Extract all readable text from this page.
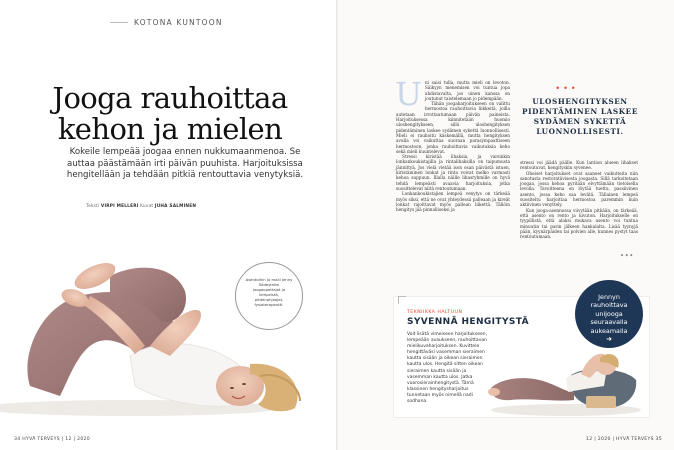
KOTONA KUNTOON
Jooga rauhoittaa
kehon ja mielen

Kokeile lempeää joogaa ennen nukkumaanmenoa. Se auttaa päästämään irti päivän puuhista. Harjoituksissa hengitellään ja tehdään pitkiä rentouttavia venytyksiä.

Teksti VIRPI MELLERI Kuvat JUHA SALMINEN
Asentoihin jo malli Jenny Södeström joogaopettajat ja lempeistä, pitdenahjaajat, fysioterapeutti.
34 HYVÄ TERVEYS | 12 | 2020
U ni saisi tulla, mutta mieli on levoton. Säikyyn menemisen voi tuntua jopa ahdistavalta, jos uinen kanssa on joutunut taistelemaan jo pidempään.

Tähän joogaharjoitukseen on valittu hermostoa rauhoittavia liikkeitä, joilla autetaan irrottautumaan päivän paineista. Harjoituksessa kiinnitetään huomio uloshengitykseen, sillä uloshengityksen pidentäminen laskee sydämen sykettä luonnollisesti. Mieli ei rauhoitu käskemällä, mutta hengityksen avulla voi vaikuttaa suoraan parasympaattiseen hermostoon, jonka rauhoittavia vaikutuksia keho sekä mieli kuuntelevat.

Stressi kiristää lihaksia, ja varsinkin lonkankoukistajilla ja rintalihaksilla on taipumusta jännittyä. Jos vielä vietää ison osan päivästä istuen, kiristäminen lonkat ja rinta voivat melko varmasti kehoa suppuun. Illalla näille lihasryhmille on hyvä tehdä lempeästi avaavia harjoituksia, jotka suosittelevat niitä rentoutumaan.

Lonkankoukistajien lempeä venytys on tärkeää myös siksi, että ne ovat yhteydessä palleaan ja kireät lonkat rajoittavat myös pallean liikettä. Tällöin hengitys jää pinnalliseksi ja

•••
ULOSHENGITYKSEN PIDENTÄMINEN LASKEE SYDÄMEN SYKETTÄ LUONNOLLISESTI.

stressi voi jäädä päälle. Kun lantion alueen lihakset rentoutuvat, hengityskin syvenee.

Oheiset harjoitukset ovat saaneet vaikutteita niin sanotusta restoratiivisesta joogasta. Sillä tarkoitetaan joogaa, jossa kehoa pyritään elvyttämään tietoisella levolla. Tavoitteena on löytää tuettu, passiivinen asento, jossa keho saa levätä. Tällainen lempeä suositeltu harjoittaa hermostoa paremmin kuin aktiivinen venyttely.

Kun jooga-asennossa viivytään pitkään, on tärkeää, että asento on rento ja kivuton. Harjoitukselle on tyypillistä, että alaksi mukava asento voi tuntua minuutin tai parin jälkeen hankalalta. Lisää tyynyjä pään, kyynärpäiden tai polvien alle, kunnes pystyt taas rentoutumaan.

•••
TEKNIIKKA HALTUUN
SYVENNÄ HENGITYSTÄ
Voit lisätä vimeiseen harjoitukseen, lempeään avaukseen, rauhoittavan mielikuvaharjoituksen. Kuvittele hengittäväsi vasemman sieraimen kautta sisään ja oikean sieraimen kautta ulos. Hengitä sitten oikean sieraimen kautta sisään ja vasemman kautta ulos. Jatka vuorosierainhengitystä. Tämä klassinen hengitysharjoitus tunnetaan myös nimellä nadi sodhana.
Jennyn
rauhoittava
unijooga
seuraavalla
aukeamalla
➜
12 | 2020 | HYVÄ TERVEYS 35
